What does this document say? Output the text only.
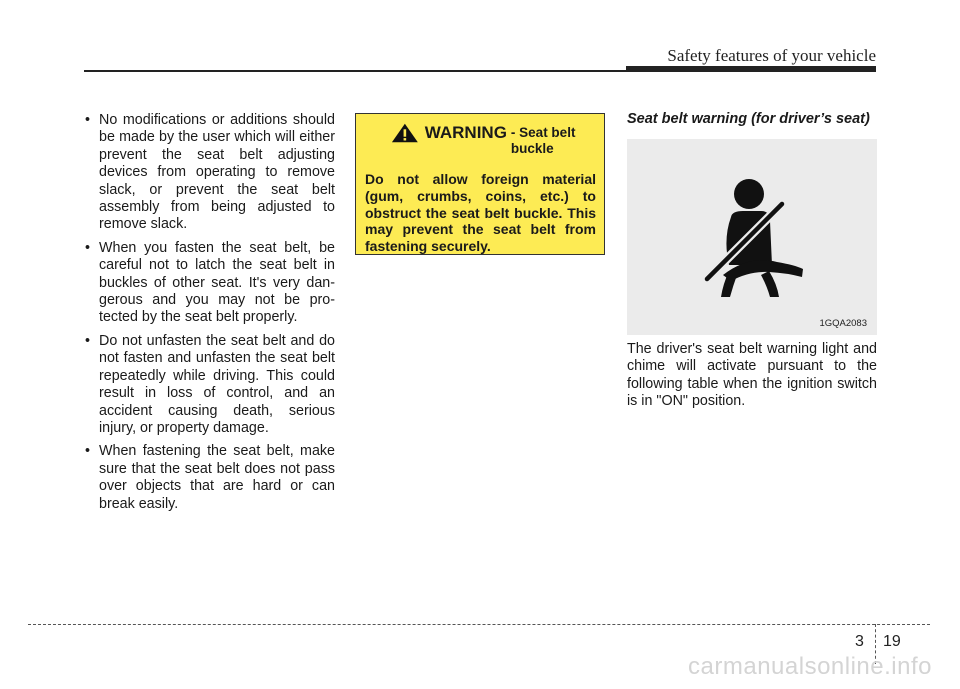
Safety features of your vehicle
• No modifications or additions should be made by the user which will either prevent the seat belt adjusting devices from operating to remove slack, or prevent the seat belt assembly from being adjusted to remove slack.
• When you fasten the seat belt, be careful not to latch the seat belt in buckles of other seat. It's very dan-gerous and you may not be pro-tected by the seat belt properly.
• Do not unfasten the seat belt and do not fasten and unfasten the seat belt repeatedly while driving. This could result in loss of control, and an accident causing death, serious injury, or property damage.
• When fastening the seat belt, make sure that the seat belt does not pass over objects that are hard or can break easily.
WARNING - Seat belt buckle
Do not allow foreign material (gum, crumbs, coins, etc.) to obstruct the seat belt buckle. This may prevent the seat belt from fastening securely.
Seat belt warning (for driver’s seat)
1GQA2083
The driver's seat belt warning light and chime will activate pursuant to the following table when the ignition switch is in "ON" position.
3 19
carmanualsonline.info
